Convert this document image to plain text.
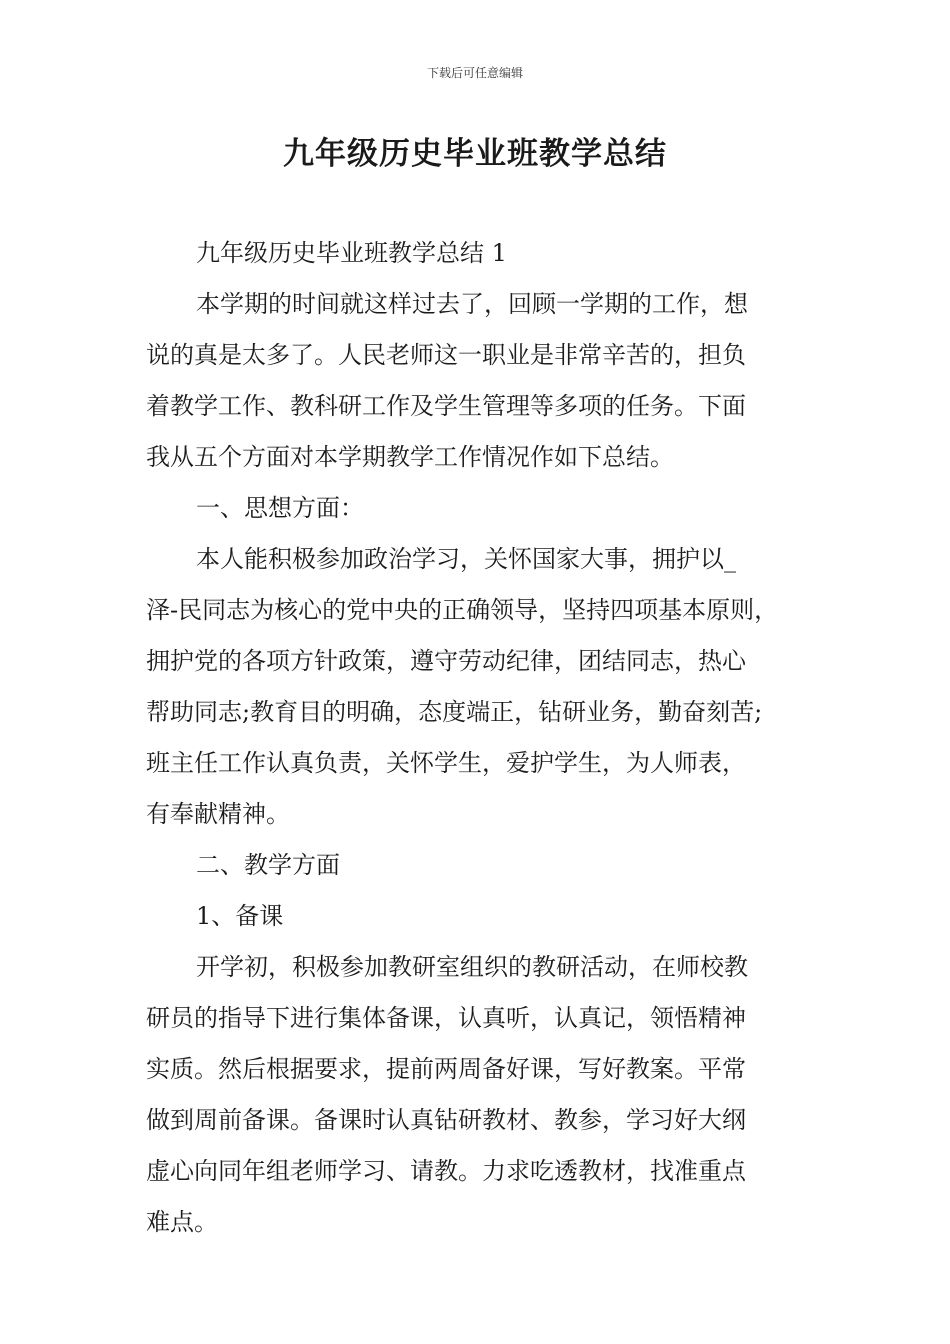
下载后可任意编辑
九年级历史毕业班教学总结
九年级历史毕业班教学总结 1
本学期的时间就这样过去了，回顾一学期的工作，想
说的真是太多了。人民老师这一职业是非常辛苦的，担负
着教学工作、教科研工作及学生管理等多项的任务。下面
我从五个方面对本学期教学工作情况作如下总结。
一、思想方面：
本人能积极参加政治学习，关怀国家大事，拥护以_
泽-民同志为核心的党中央的正确领导，坚持四项基本原则，
拥护党的各项方针政策，遵守劳动纪律，团结同志，热心
帮助同志;教育目的明确，态度端正，钻研业务，勤奋刻苦;
班主任工作认真负责，关怀学生，爱护学生，为人师表，
有奉献精神。
二、教学方面
1、备课
开学初，积极参加教研室组织的教研活动，在师校教
研员的指导下进行集体备课，认真听，认真记，领悟精神
实质。然后根据要求，提前两周备好课，写好教案。平常
做到周前备课。备课时认真钻研教材、教参，学习好大纲
虚心向同年组老师学习、请教。力求吃透教材，找准重点
难点。
